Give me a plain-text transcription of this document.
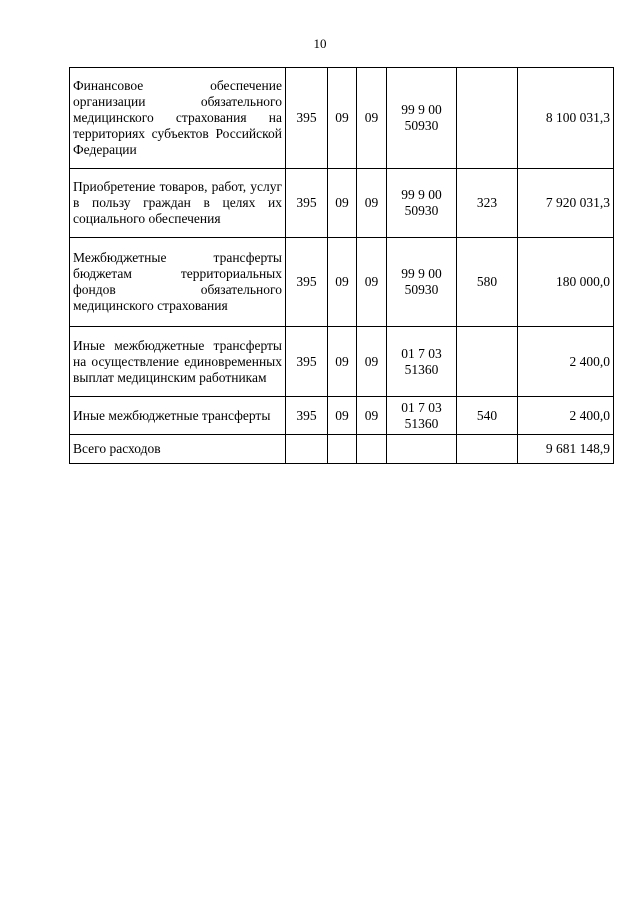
10
Финансовое обеспечение организации обязательного медицинского страхования на территориях субъектов Российской Федерации	395	09	09	99 9 00 50930		8 100 031,3
Приобретение товаров, работ, услуг в пользу граждан в целях их социального обеспечения	395	09	09	99 9 00 50930	323	7 920 031,3
Межбюджетные трансферты бюджетам территориальных фондов обязательного медицинского страхования	395	09	09	99 9 00 50930	580	180 000,0
Иные межбюджетные трансферты на осуществление единовременных выплат медицинским работникам	395	09	09	01 7 03 51360		2 400,0
Иные межбюджетные трансферты	395	09	09	01 7 03 51360	540	2 400,0
Всего расходов						9 681 148,9
